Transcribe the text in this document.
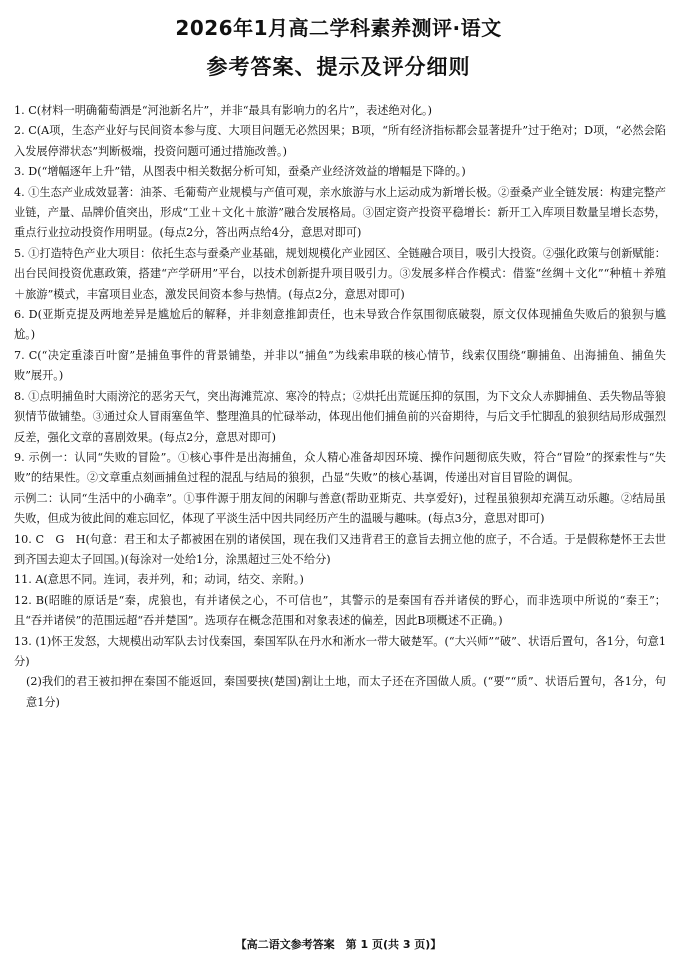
2026年1月高二学科素养测评·语文
参考答案、提示及评分细则

1. C(材料一明确葡萄酒是“河池新名片”，并非“最具有影响力的名片”，表述绝对化。)

2. C(A项，生态产业好与民间资本参与度、大项目问题无必然因果；B项，“所有经济指标都会显著提升”过于绝对；D项，“必然会陷入发展停滞状态”判断极端，投资问题可通过措施改善。)

3. D(“增幅逐年上升”错，从图表中相关数据分析可知，蚕桑产业经济效益的增幅是下降的。)

4. ①生态产业成效显著：油茶、毛葡萄产业规模与产值可观，亲水旅游与水上运动成为新增长极。②蚕桑产业全链发展：构建完整产业链，产量、品牌价值突出，形成“工业＋文化＋旅游”融合发展格局。③固定资产投资平稳增长：新开工入库项目数量呈增长态势，重点行业拉动投资作用明显。(每点2分，答出两点给4分，意思对即可)

5. ①打造特色产业大项目：依托生态与蚕桑产业基础，规划规模化产业园区、全链融合项目，吸引大投资。②强化政策与创新赋能：出台民间投资优惠政策，搭建“产学研用”平台，以技术创新提升项目吸引力。③发展多样合作模式：借鉴“丝绸＋文化”“种植＋养殖＋旅游”模式，丰富项目业态，激发民间资本参与热情。(每点2分，意思对即可)

6. D(亚斯克提及两地差异是尴尬后的解释，并非刻意推卸责任，也未导致合作氛围彻底破裂，原文仅体现捕鱼失败后的狼狈与尴尬。)

7. C(“决定重漆百叶窗”是捕鱼事件的背景铺垫，并非以“捕鱼”为线索串联的核心情节，线索仅围绕“聊捕鱼、出海捕鱼、捕鱼失败”展开。)

8. ①点明捕鱼时大雨滂沱的恶劣天气，突出海滩荒凉、寒冷的特点；②烘托出荒诞压抑的氛围，为下文众人赤脚捕鱼、丢失物品等狼狈情节做铺垫。③通过众人冒雨塞鱼竿、整理渔具的忙碌举动，体现出他们捕鱼前的兴奋期待，与后文手忙脚乱的狼狈结局形成强烈反差，强化文章的喜剧效果。(每点2分，意思对即可)

9. 示例一：认同“失败的冒险”。①核心事件是出海捕鱼，众人精心准备却因环境、操作问题彻底失败，符合“冒险”的探索性与“失败”的结果性。②文章重点刻画捕鱼过程的混乱与结局的狼狈，凸显“失败”的核心基调，传递出对盲目冒险的调侃。

示例二：认同“生活中的小确幸”。①事件源于朋友间的闲聊与善意(帮助亚斯克、共享爱好)，过程虽狼狈却充满互动乐趣。②结局虽失败，但成为彼此间的难忘回忆，体现了平淡生活中因共同经历产生的温暖与趣味。(每点3分，意思对即可)

10. C　G　H(句意：君王和太子都被困在别的诸侯国，现在我们又违背君王的意旨去拥立他的庶子，不合适。于是假称楚怀王去世到齐国去迎太子回国。)(每涂对一处给1分，涂黑超过三处不给分)

11. A(意思不同。连词，表并列，和；动词，结交、亲附。)

12. B(昭睢的原话是“秦，虎狼也，有并诸侯之心，不可信也”，其警示的是秦国有吞并诸侯的野心，而非选项中所说的“秦王”；且“吞并诸侯”的范围远超“吞并楚国”。选项存在概念范围和对象表述的偏差，因此B项概述不正确。)

13. (1)怀王发怒，大规模出动军队去讨伐秦国，秦国军队在丹水和淅水一带大破楚军。(“大兴师”“破”、状语后置句，各1分，句意1分)

(2)我们的君王被扣押在秦国不能返回，秦国要挟(楚国)割让土地，而太子还在齐国做人质。(“要”“质”、状语后置句，各1分，句意1分)

【高二语文参考答案　第 1 页(共 3 页)】
